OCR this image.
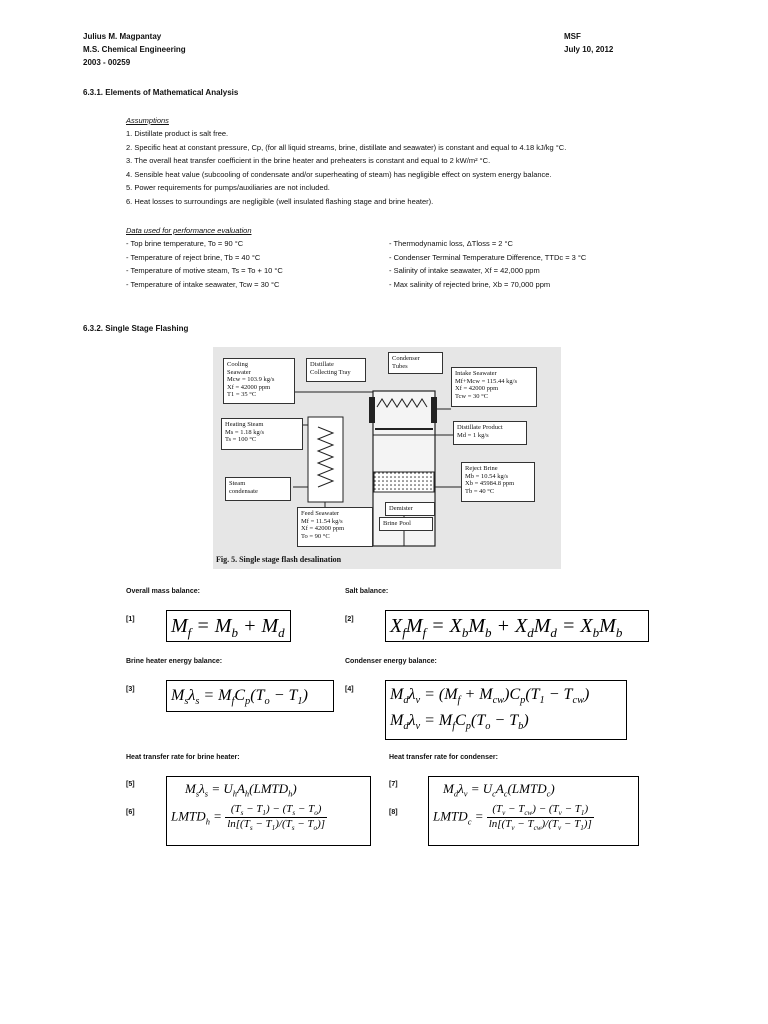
Julius M. Magpantay
M.S. Chemical Engineering
2003 - 00259
MSF
July 10, 2012
6.3.1. Elements of Mathematical Analysis
Assumptions
1. Distillate product is salt free.
2. Specific heat at constant pressure, Cp, (for all liquid streams, brine, distillate and seawater) is constant and equal to 4.18 kJ/kg °C.
3. The overall heat transfer coefficient in the brine heater and preheaters is constant and equal to 2 kW/m² °C.
4. Sensible heat value (subcooling of condensate and/or superheating of steam) has negligible effect on system energy balance.
5. Power requirements for pumps/auxiliaries are not included.
6. Heat losses to surroundings are negligible (well insulated flashing stage and brine heater).
Data used for performance evaluation
- Top brine temperature, To = 90 °C
- Temperature of reject brine, Tb = 40 °C
- Temperature of motive steam, Ts = To + 10 °C
- Temperature of intake seawater, Tcw = 30 °C
- Thermodynamic loss, ΔTloss = 2 °C
- Condenser Terminal Temperature Difference, TTDc = 3 °C
- Salinity of intake seawater, Xf = 42,000 ppm
- Max salinity of rejected brine, Xb = 70,000 ppm
6.3.2. Single Stage Flashing
Cooling
Seawater
Mcw = 103.9 kg/s
Xf = 42000 ppm
T1 = 35 °C
Distillate
Collecting Tray
Condenser
Tubes
Intake Seawater
Mf+Mcw = 115.44 kg/s
Xf = 42000 ppm
Tcw = 30 °C
Heating Steam
Ms = 1.18 kg/s
Ts = 100 °C
Distillate Product
Md = 1 kg/s
Reject Brine
Mb = 10.54 kg/s
Xb = 45984.8 ppm
Tb = 40 °C
Steam
condensate
Feed Seawater
Mf = 11.54 kg/s
Xf = 42000 ppm
To = 90 °C
Demister
Brine Pool
Fig. 5. Single stage flash desalination
Overall mass balance:	Salt balance:
[1] $M_f = M_b + M_d$
[2] $X_fM_f = X_bM_b + X_dM_d = X_bM_b$
Brine heater energy balance:	Condenser energy balance:
[3] $M_s\lambda_s = M_fC_p(T_o - T_1)$	[4] $M_d\lambda_v = (M_f + M_{cw})C_p(T_1 - T_{cw})$
$M_d\lambda_v = M_fC_p(T_o - T_b)$
Heat transfer rate for brine heater:	Heat transfer rate for condenser:
[5]
[6]
$M_s\lambda_s$ = $U_hA_h(LMTD_h)$
$LMTD_h = \frac{(T_s - T_1) - (T_s - T_o)}{\ln[(T_s - T_1)/(T_s - T_o)]}$
[7]
[8]
$M_d\lambda_v$ = $U_cA_c(LMTD_c)$
$LMTD_c = \frac{(T_v - T_{cw}) - (T_v - T_1)}{\ln[(T_v - T_{cw})/(T_v - T_1)]}$
